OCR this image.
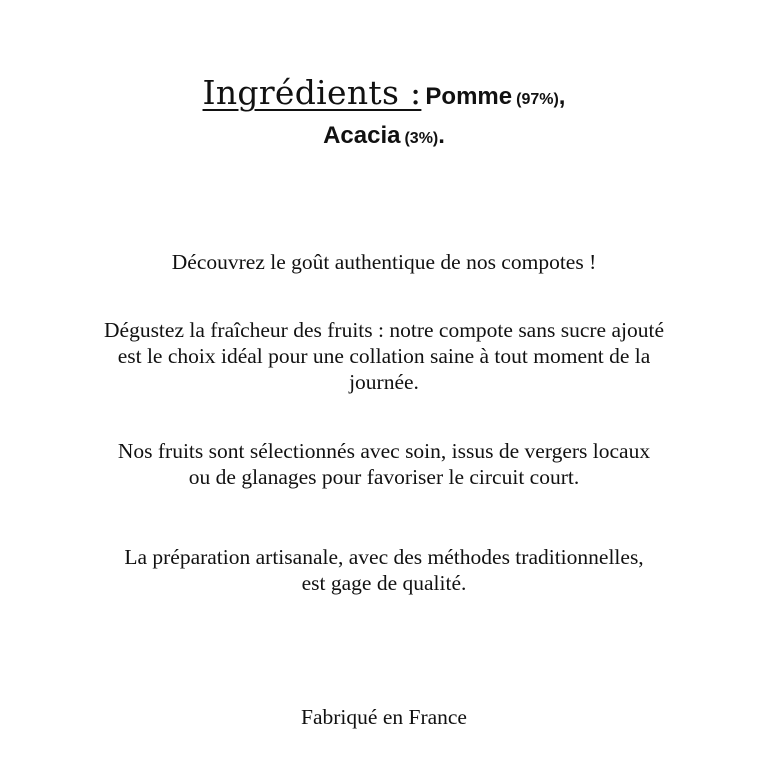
Ingrédients : Pomme (97%),
Acacia (3%).

Découvrez le goût authentique de nos compotes !

Dégustez la fraîcheur des fruits : notre compote sans sucre ajouté
est le choix idéal pour une collation saine à tout moment de la
journée.

Nos fruits sont sélectionnés avec soin, issus de vergers locaux
ou de glanages pour favoriser le circuit court.

La préparation artisanale, avec des méthodes traditionnelles,
est gage de qualité.

Fabriqué en France
